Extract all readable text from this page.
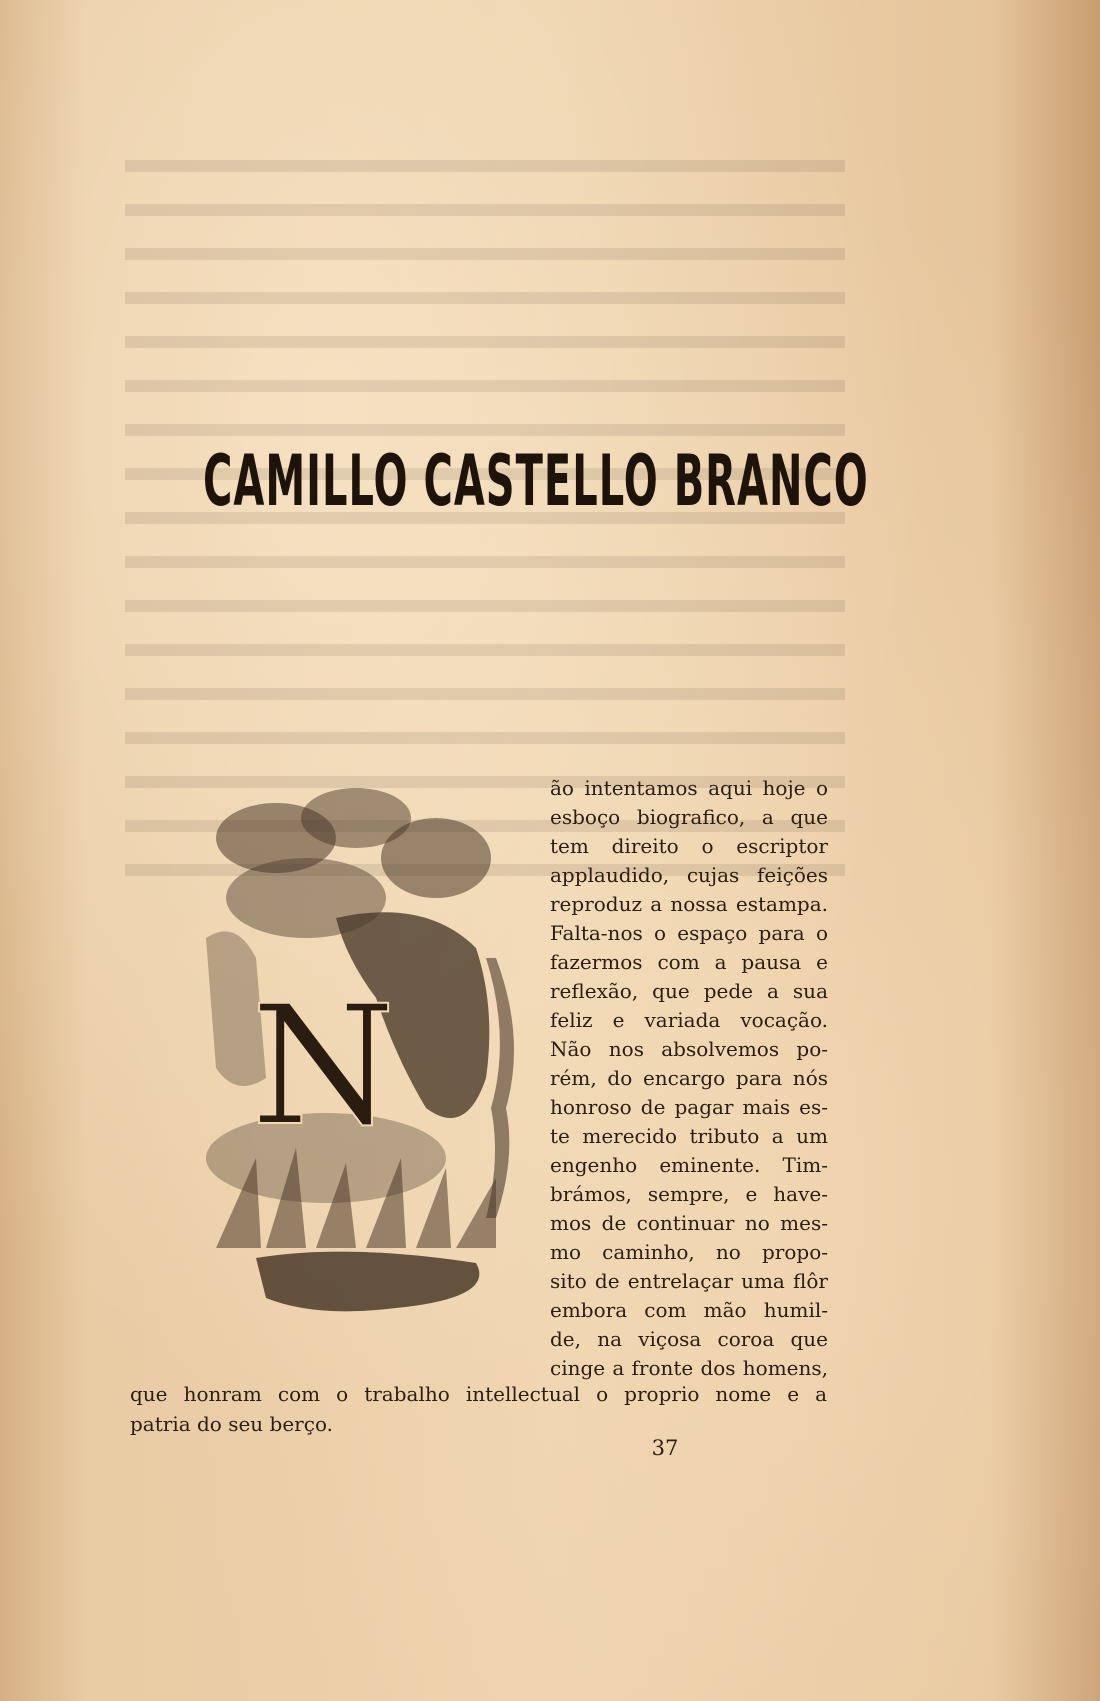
CAMILLO CASTELLO BRANCO
N
ão intentamos aqui hoje o
esboço biografico, a que
tem direito o escriptor
applaudido, cujas feições
reproduz a nossa estampa.
Falta-nos o espaço para o
fazermos com a pausa e
reflexão, que pede a sua
feliz e variada vocação.
Não nos absolvemos po-
rém, do encargo para nós
honroso de pagar mais es-
te merecido tributo a um
engenho eminente. Tim-
brámos, sempre, e have-
mos de continuar no mes-
mo caminho, no propo-
sito de entrelaçar uma flôr
embora com mão humil-
de, na viçosa coroa que
cinge a fronte dos homens,
que honram com o trabalho intellectual o proprio nome e a
patria do seu berço.
37
